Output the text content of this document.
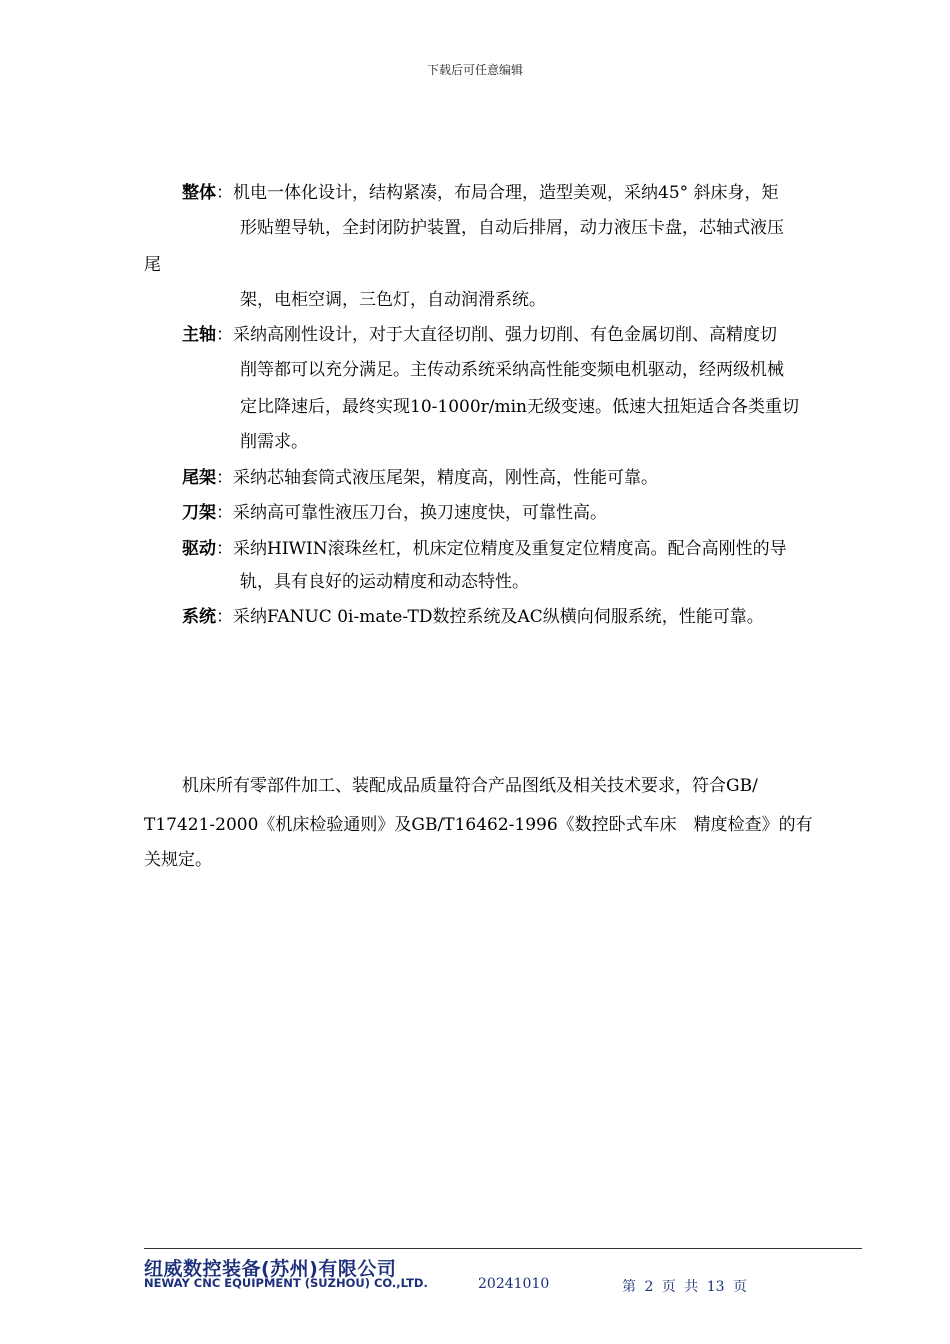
下载后可任意编辑
整体：机电一体化设计，结构紧凑，布局合理，造型美观，采纳45° 斜床身，矩
形贴塑导轨，全封闭防护装置，自动后排屑，动力液压卡盘，芯轴式液压
尾
架，电柜空调，三色灯，自动润滑系统。
主轴：采纳高刚性设计，对于大直径切削、强力切削、有色金属切削、高精度切
削等都可以充分满足。主传动系统采纳高性能变频电机驱动，经两级机械
定比降速后，最终实现10-1000r/min无级变速。低速大扭矩适合各类重切
削需求。
尾架：采纳芯轴套筒式液压尾架，精度高，刚性高，性能可靠。
刀架：采纳高可靠性液压刀台，换刀速度快，可靠性高。
驱动：采纳HIWIN滚珠丝杠，机床定位精度及重复定位精度高。配合高刚性的导
轨，具有良好的运动精度和动态特性。
系统：采纳FANUC 0i-mate-TD数控系统及AC纵横向伺服系统，性能可靠。
机床所有零部件加工、装配成品质量符合产品图纸及相关技术要求，符合GB/
T17421-2000《机床检验通则》及GB/T16462-1996《数控卧式车床　精度检查》的有
关规定。
纽威数控装备(苏州)有限公司
NEWAY CNC EQUIPMENT (SUZHOU) CO.,LTD.	20241010	第 2 页 共 13 页
